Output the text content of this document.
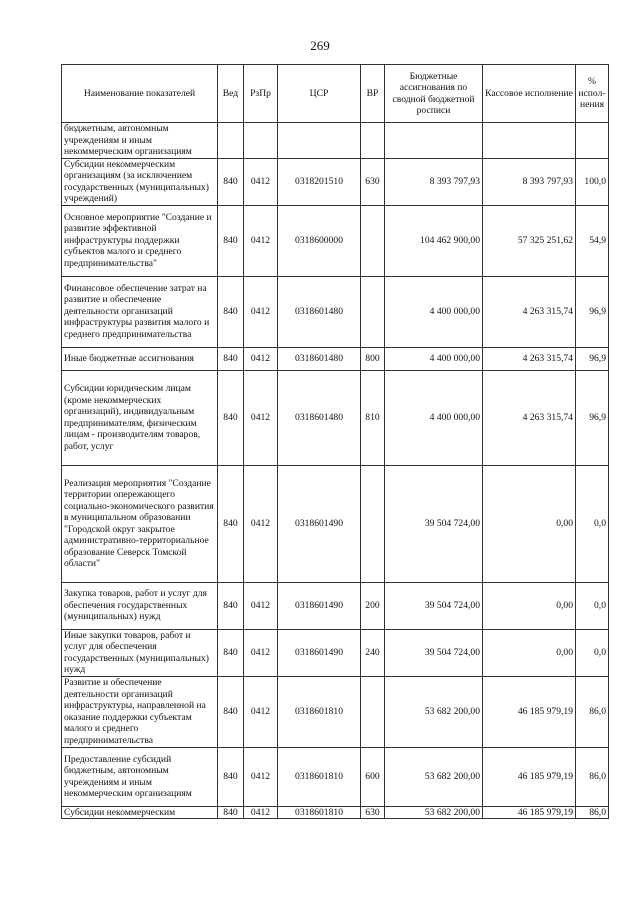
269
Наименование показателей	Вед	РзПр	ЦСР	ВР	Бюджетные ассигнования по сводной бюджетной росписи	Кассовое исполнение	% испол-нения
бюджетным, автономным учреждениям и иным некоммерческим организациям							
Субсидии некоммерческим организациям (за исключением государственных (муниципальных) учреждений)	840	0412	0318201510	630	8 393 797,93	8 393 797,93	100,0
Основное мероприятие "Создание и развитие эффективной инфраструктуры поддержки субъектов малого и среднего предпринимательства"	840	0412	0318600000		104 462 900,00	57 325 251,62	54,9
Финансовое обеспечение затрат на развитие и обеспечение деятельности организаций инфраструктуры развития малого и среднего предпринимательства	840	0412	0318601480		4 400 000,00	4 263 315,74	96,9
Иные бюджетные ассигнования	840	0412	0318601480	800	4 400 000,00	4 263 315,74	96,9
Субсидии юридическим лицам (кроме некоммерческих организаций), индивидуальным предпринимателям, физическим лицам - производителям товаров, работ, услуг	840	0412	0318601480	810	4 400 000,00	4 263 315,74	96,9
Реализация мероприятия "Создание территории опережающего социально-экономического развития в муниципальном образовании "Городской округ закрытое административно-территориальное образование Северск Томской области"	840	0412	0318601490		39 504 724,00	0,00	0,0
Закупка товаров, работ и услуг для обеспечения государственных (муниципальных) нужд	840	0412	0318601490	200	39 504 724,00	0,00	0,0
Иные закупки товаров, работ и услуг для обеспечения государственных (муниципальных) нужд	840	0412	0318601490	240	39 504 724,00	0,00	0,0
Развитие и обеспечение деятельности организаций инфраструктуры, направленной на оказание поддержки субъектам малого и среднего предпринимательства	840	0412	0318601810		53 682 200,00	46 185 979,19	86,0
Предоставление субсидий бюджетным, автономным учреждениям и иным некоммерческим организациям	840	0412	0318601810	600	53 682 200,00	46 185 979,19	86,0
Субсидии некоммерческим	840	0412	0318601810	630	53 682 200,00	46 185 979,19	86,0
